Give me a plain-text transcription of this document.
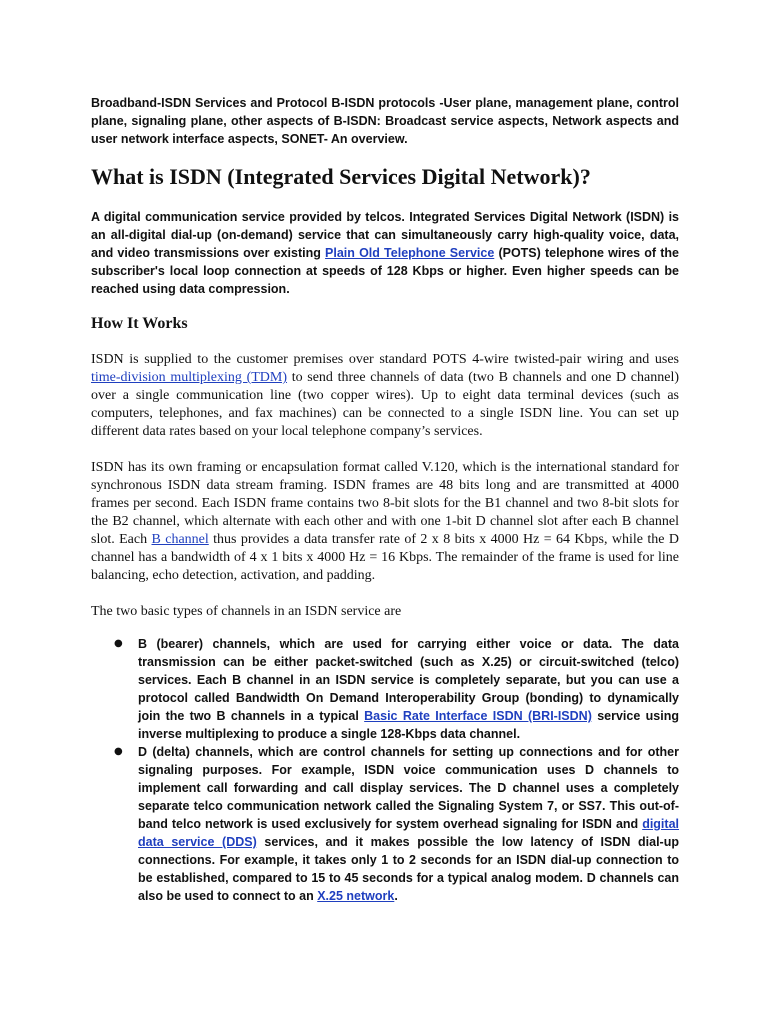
Broadband-ISDN Services and Protocol B-ISDN protocols -User plane, management plane, control plane, signaling plane, other aspects of B-ISDN: Broadcast service aspects, Network aspects and user network interface aspects, SONET- An overview.

What is ISDN (Integrated Services Digital Network)?

A digital communication service provided by telcos. Integrated Services Digital Network (ISDN) is an all-digital dial-up (on-demand) service that can simultaneously carry high-quality voice, data, and video transmissions over existing Plain Old Telephone Service (POTS) telephone wires of the subscriber's local loop connection at speeds of 128 Kbps or higher. Even higher speeds can be reached using data compression.

How It Works

ISDN is supplied to the customer premises over standard POTS 4-wire twisted-pair wiring and uses time-division multiplexing (TDM) to send three channels of data (two B channels and one D channel) over a single communication line (two copper wires). Up to eight data terminal devices (such as computers, telephones, and fax machines) can be connected to a single ISDN line. You can set up different data rates based on your local telephone company’s services.

ISDN has its own framing or encapsulation format called V.120, which is the international standard for synchronous ISDN data stream framing. ISDN frames are 48 bits long and are transmitted at 4000 frames per second. Each ISDN frame contains two 8-bit slots for the B1 channel and two 8-bit slots for the B2 channel, which alternate with each other and with one 1-bit D channel slot after each B channel slot. Each B channel thus provides a data transfer rate of 2 x 8 bits x 4000 Hz = 64 Kbps, while the D channel has a bandwidth of 4 x 1 bits x 4000 Hz = 16 Kbps. The remainder of the frame is used for line balancing, echo detection, activation, and padding.

The two basic types of channels in an ISDN service are

● B (bearer) channels, which are used for carrying either voice or data. The data transmission can be either packet-switched (such as X.25) or circuit-switched (telco) services. Each B channel in an ISDN service is completely separate, but you can use a protocol called Bandwidth On Demand Interoperability Group (bonding) to dynamically join the two B channels in a typical Basic Rate Interface ISDN (BRI-ISDN) service using inverse multiplexing to produce a single 128-Kbps data channel.
● D (delta) channels, which are control channels for setting up connections and for other signaling purposes. For example, ISDN voice communication uses D channels to implement call forwarding and call display services. The D channel uses a completely separate telco communication network called the Signaling System 7, or SS7. This out-of-band telco network is used exclusively for system overhead signaling for ISDN and digital data service (DDS) services, and it makes possible the low latency of ISDN dial-up connections. For example, it takes only 1 to 2 seconds for an ISDN dial-up connection to be established, compared to 15 to 45 seconds for a typical analog modem. D channels can also be used to connect to an X.25 network.
